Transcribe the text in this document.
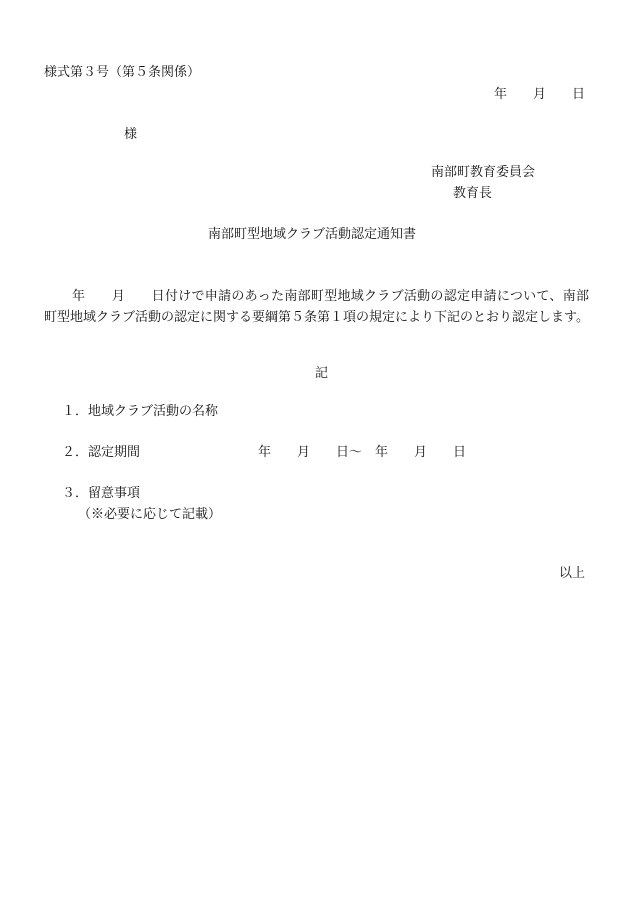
様式第３号（第５条関係）
年 月 日
様
南部町教育委員会
教育長
南部町型地域クラブ活動認定通知書
年　　月　　日付けで申請のあった南部町型地域クラブ活動の認定申請について、南部町型地域クラブ活動の認定に関する要綱第５条第１項の規定により下記のとおり認定します。
記
１．地域クラブ活動の名称
２．認定期間	年　　月　　日〜　年　　月　　日
３．留意事項
（※必要に応じて記載）
以上
